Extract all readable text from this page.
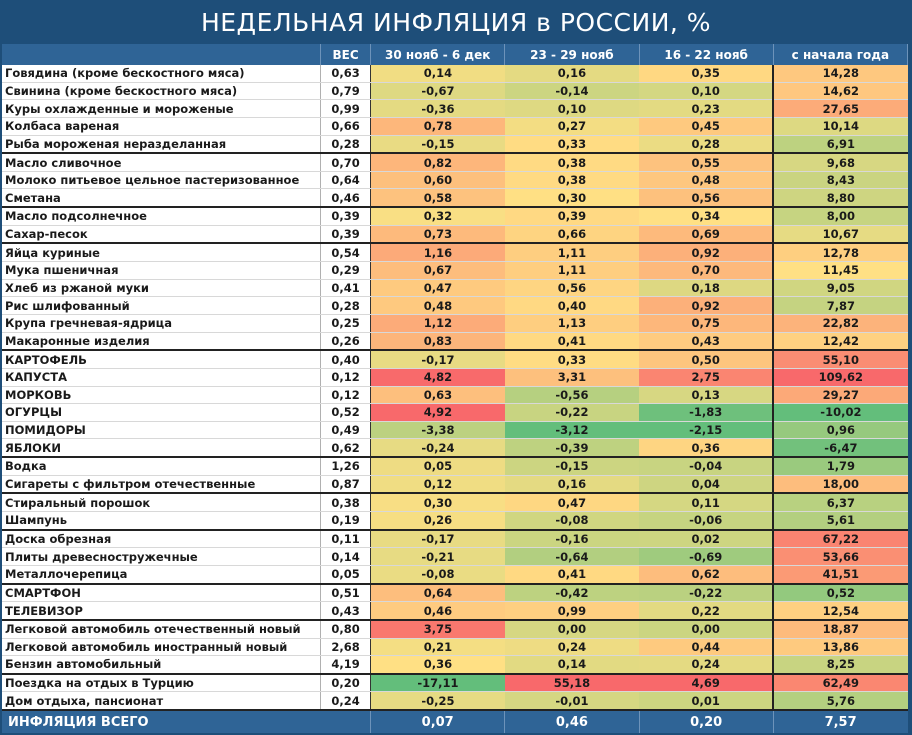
НЕДЕЛЬНАЯ ИНФЛЯЦИЯ в РОССИИ, %
	ВЕС	30 нояб - 6 дек	23 - 29 нояб	16 - 22 нояб	с начала года
Говядина (кроме бескостного мяса)	0,63	0,14	0,16	0,35	14,28
Свинина (кроме бескостного мяса)	0,79	-0,67	-0,14	0,10	14,62
Куры охлажденные и мороженые	0,99	-0,36	0,10	0,23	27,65
Колбаса вареная	0,66	0,78	0,27	0,45	10,14
Рыба мороженая неразделанная	0,28	-0,15	0,33	0,28	6,91
Масло сливочное	0,70	0,82	0,38	0,55	9,68
Молоко питьевое цельное пастеризованное	0,64	0,60	0,38	0,48	8,43
Сметана	0,46	0,58	0,30	0,56	8,80
Масло подсолнечное	0,39	0,32	0,39	0,34	8,00
Сахар-песок	0,39	0,73	0,66	0,69	10,67
Яйца куриные	0,54	1,16	1,11	0,92	12,78
Мука пшеничная	0,29	0,67	1,11	0,70	11,45
Хлеб из ржаной муки	0,41	0,47	0,56	0,18	9,05
Рис шлифованный	0,28	0,48	0,40	0,92	7,87
Крупа гречневая-ядрица	0,25	1,12	1,13	0,75	22,82
Макаронные изделия	0,26	0,83	0,41	0,43	12,42
КАРТОФЕЛЬ	0,40	-0,17	0,33	0,50	55,10
КАПУСТА	0,12	4,82	3,31	2,75	109,62
МОРКОВЬ	0,12	0,63	-0,56	0,13	29,27
ОГУРЦЫ	0,52	4,92	-0,22	-1,83	-10,02
ПОМИДОРЫ	0,49	-3,38	-3,12	-2,15	0,96
ЯБЛОКИ	0,62	-0,24	-0,39	0,36	-6,47
Водка	1,26	0,05	-0,15	-0,04	1,79
Сигареты с фильтром отечественные	0,87	0,12	0,16	0,04	18,00
Стиральный порошок	0,38	0,30	0,47	0,11	6,37
Шампунь	0,19	0,26	-0,08	-0,06	5,61
Доска обрезная	0,11	-0,17	-0,16	0,02	67,22
Плиты древесностружечные	0,14	-0,21	-0,64	-0,69	53,66
Металлочерепица	0,05	-0,08	0,41	0,62	41,51
СМАРТФОН	0,51	0,64	-0,42	-0,22	0,52
ТЕЛЕВИЗОР	0,43	0,46	0,99	0,22	12,54
Легковой автомобиль отечественный новый	0,80	3,75	0,00	0,00	18,87
Легковой автомобиль иностранный новый	2,68	0,21	0,24	0,44	13,86
Бензин автомобильный	4,19	0,36	0,14	0,24	8,25
Поездка на отдых в Турцию	0,20	-17,11	55,18	4,69	62,49
Дом отдыха, пансионат	0,24	-0,25	-0,01	0,01	5,76
ИНФЛЯЦИЯ ВСЕГО		0,07	0,46	0,20	7,57
